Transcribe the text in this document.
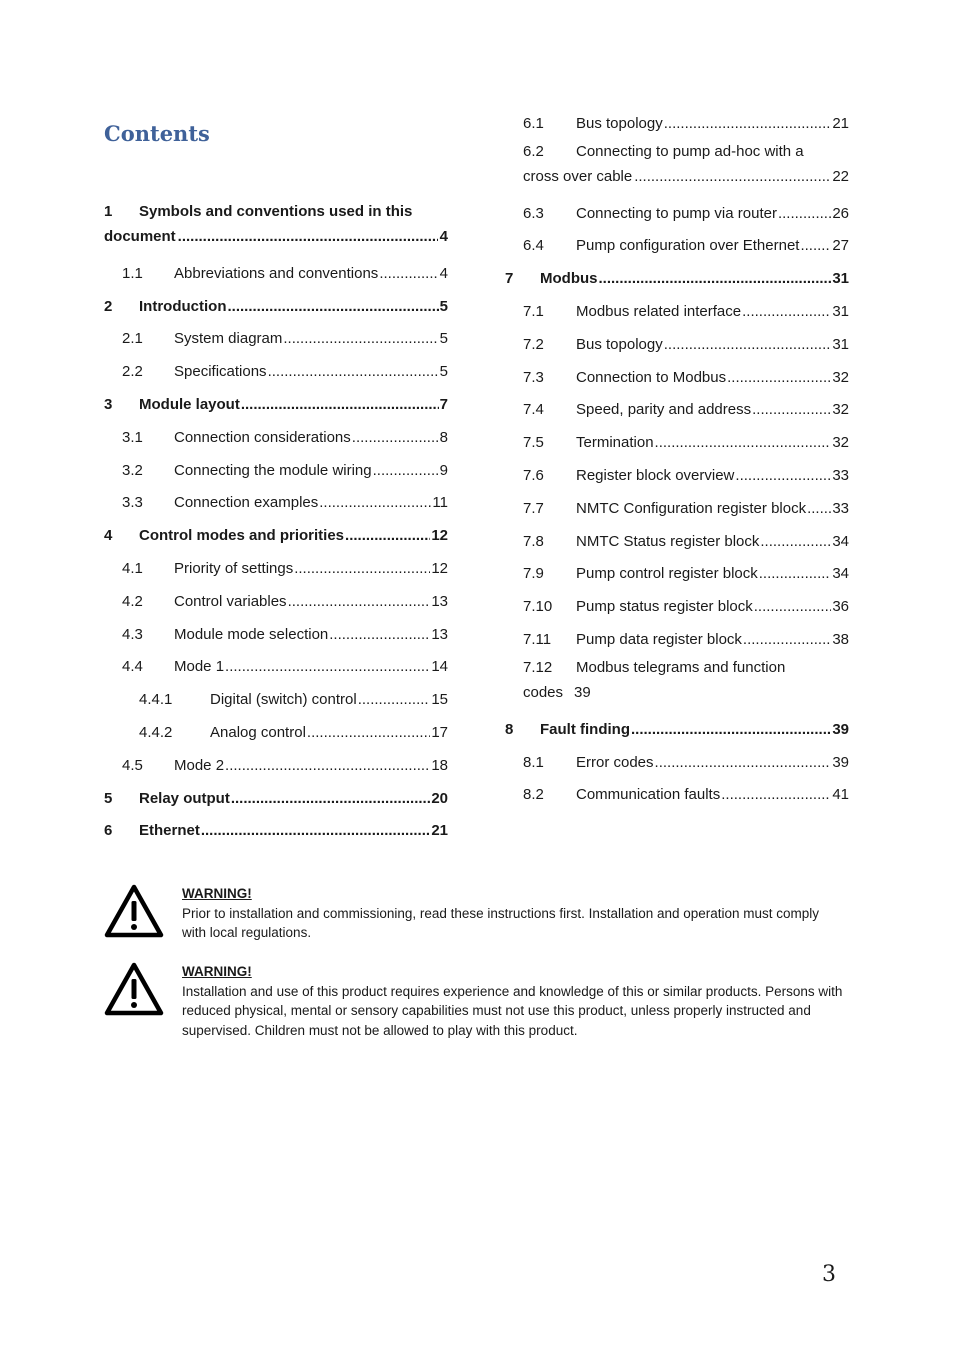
Contents
1	Symbols and conventions used in this
document .....	4
1.1	Abbreviations and conventions .....	4
2	Introduction .....	5
2.1	System diagram .....	5
2.2	Specifications .....	5
3	Module layout .....	7
3.1	Connection considerations .....	8
3.2	Connecting the module wiring .....	9
3.3	Connection examples .....	11
4	Control modes and priorities .....	12
4.1	Priority of settings .....	12
4.2	Control variables .....	13
4.3	Module mode selection .....	13
4.4	Mode 1 .....	14
4.4.1	Digital (switch) control .....	15
4.4.2	Analog control .....	17
4.5	Mode 2 .....	18
5	Relay output .....	20
6	Ethernet .....	21
6.1	Bus topology .....	21
6.2	Connecting to pump ad-hoc with a
cross over cable .....	22
6.3	Connecting to pump via router .....	26
6.4	Pump configuration over Ethernet ..... 27
7	Modbus .....	31
7.1	Modbus related interface .....	31
7.2	Bus topology .....	31
7.3	Connection to Modbus .....	32
7.4	Speed, parity and address .....	32
7.5	Termination .....	32
7.6	Register block overview .....	33
7.7	NMTC Configuration register block ..... 33
7.8	NMTC Status register block .....	34
7.9	Pump control register block .....	34
7.10	Pump status register block .....	36
7.11	Pump data register block .....	38
7.12	Modbus telegrams and function
codes 39
8	Fault finding .....	39
8.1	Error codes .....	39
8.2	Communication faults .....	41
WARNING!
Prior to installation and commissioning, read these instructions first. Installation and operation must comply with local regulations.
WARNING!
Installation and use of this product requires experience and knowledge of this or similar products. Persons with reduced physical, mental or sensory capabilities must not use this product, unless properly instructed and supervised. Children must not be allowed to play with this product.
3
